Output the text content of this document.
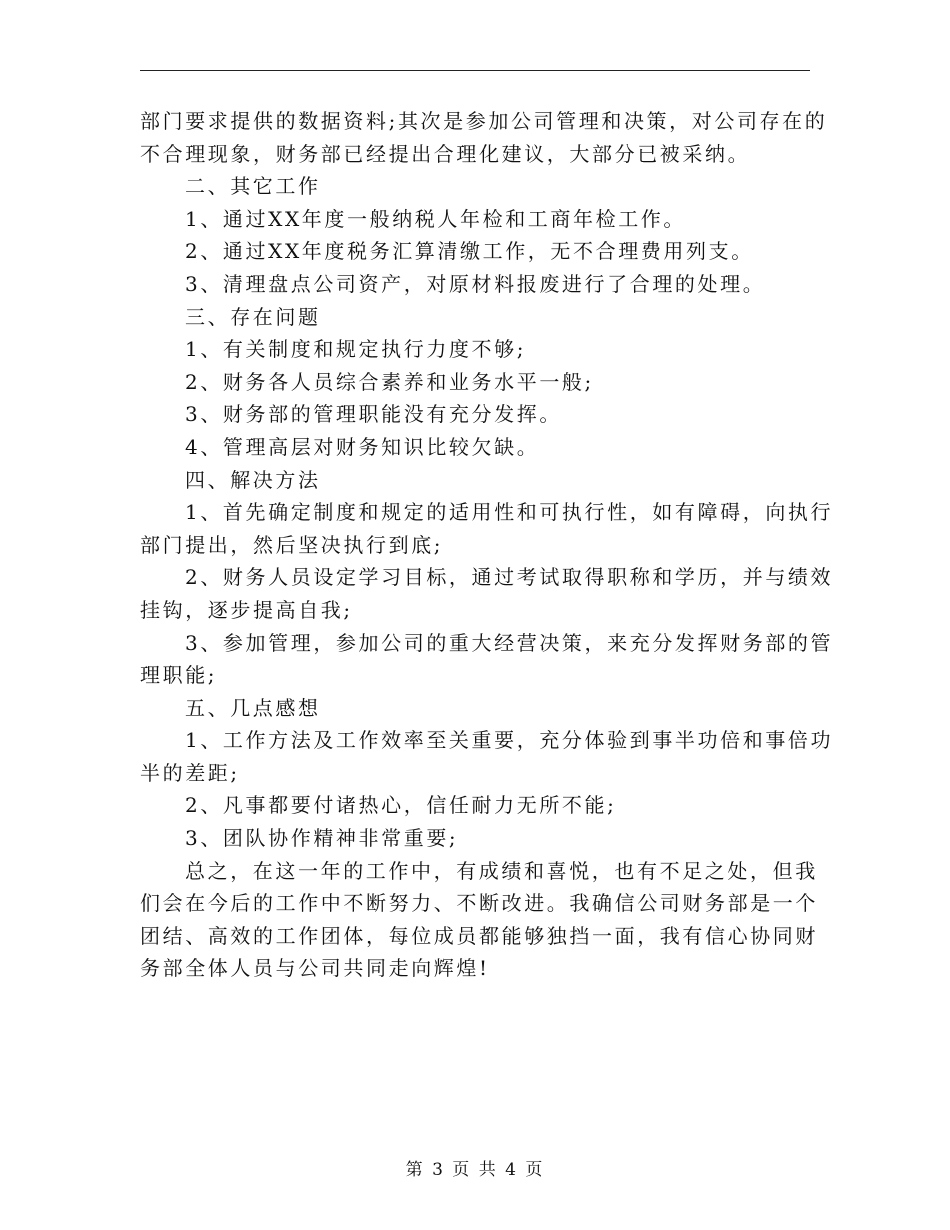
部门要求提供的数据资料;其次是参加公司管理和决策，对公司存在的
不合理现象，财务部已经提出合理化建议，大部分已被采纳。
二、其它工作
1、通过XX年度一般纳税人年检和工商年检工作。
2、通过XX年度税务汇算清缴工作，无不合理费用列支。
3、清理盘点公司资产，对原材料报废进行了合理的处理。
三、存在问题
1、有关制度和规定执行力度不够;
2、财务各人员综合素养和业务水平一般;
3、财务部的管理职能没有充分发挥。
4、管理高层对财务知识比较欠缺。
四、解决方法
1、首先确定制度和规定的适用性和可执行性，如有障碍，向执行
部门提出，然后坚决执行到底;
2、财务人员设定学习目标，通过考试取得职称和学历，并与绩效
挂钩，逐步提高自我;
3、参加管理，参加公司的重大经营决策，来充分发挥财务部的管
理职能;
五、几点感想
1、工作方法及工作效率至关重要，充分体验到事半功倍和事倍功
半的差距;
2、凡事都要付诸热心，信任耐力无所不能;
3、团队协作精神非常重要;
总之，在这一年的工作中，有成绩和喜悦，也有不足之处，但我
们会在今后的工作中不断努力、不断改进。我确信公司财务部是一个
团结、高效的工作团体，每位成员都能够独挡一面，我有信心协同财
务部全体人员与公司共同走向辉煌!
第 3 页 共 4 页
